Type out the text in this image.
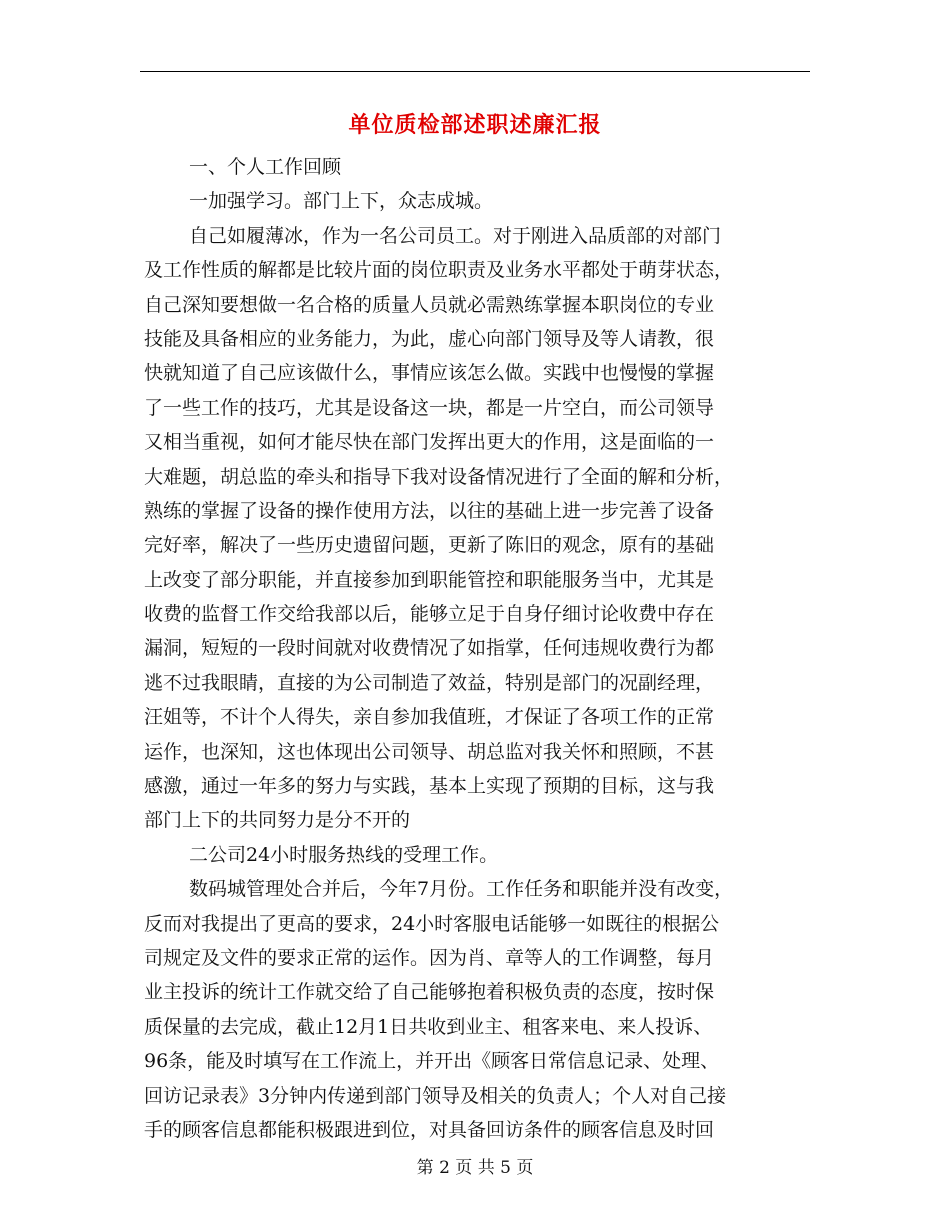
单位质检部述职述廉汇报
一、个人工作回顾
一加强学习。部门上下，众志成城。
自己如履薄冰，作为一名公司员工。对于刚进入品质部的对部门
及工作性质的解都是比较片面的岗位职责及业务水平都处于萌芽状态，
自己深知要想做一名合格的质量人员就必需熟练掌握本职岗位的专业
技能及具备相应的业务能力，为此，虚心向部门领导及等人请教，很
快就知道了自己应该做什么，事情应该怎么做。实践中也慢慢的掌握
了一些工作的技巧，尤其是设备这一块，都是一片空白，而公司领导
又相当重视，如何才能尽快在部门发挥出更大的作用，这是面临的一
大难题，胡总监的牵头和指导下我对设备情况进行了全面的解和分析，
熟练的掌握了设备的操作使用方法，以往的基础上进一步完善了设备
完好率，解决了一些历史遗留问题，更新了陈旧的观念，原有的基础
上改变了部分职能，并直接参加到职能管控和职能服务当中，尤其是
收费的监督工作交给我部以后，能够立足于自身仔细讨论收费中存在
漏洞，短短的一段时间就对收费情况了如指掌，任何违规收费行为都
逃不过我眼睛，直接的为公司制造了效益，特别是部门的况副经理，
汪姐等，不计个人得失，亲自参加我值班，才保证了各项工作的正常
运作，也深知，这也体现出公司领导、胡总监对我关怀和照顾，不甚
感激，通过一年多的努力与实践，基本上实现了预期的目标，这与我
部门上下的共同努力是分不开的
二公司24小时服务热线的受理工作。
数码城管理处合并后，今年7月份。工作任务和职能并没有改变，
反而对我提出了更高的要求，24小时客服电话能够一如既往的根据公
司规定及文件的要求正常的运作。因为肖、章等人的工作调整，每月
业主投诉的统计工作就交给了自己能够抱着积极负责的态度，按时保
质保量的去完成，截止12月1日共收到业主、租客来电、来人投诉、
96条，能及时填写在工作流上，并开出《顾客日常信息记录、处理、
回访记录表》3分钟内传递到部门领导及相关的负责人；个人对自己接
手的顾客信息都能积极跟进到位，对具备回访条件的顾客信息及时回
第 2 页 共 5 页
